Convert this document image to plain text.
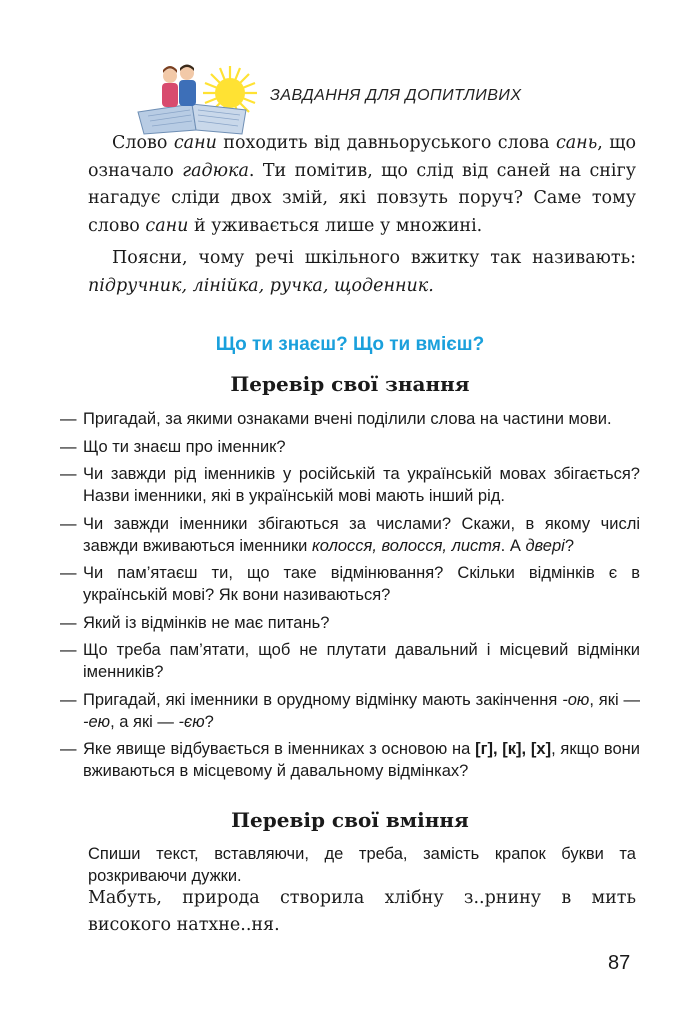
ЗАВДАННЯ ДЛЯ ДОПИТЛИВИХ

Слово сани походить від давньоруського слова сань, що означало гадюка. Ти помітив, що слід від саней на снігу нагадує сліди двох змій, які повзуть поруч? Саме тому слово сани й уживається лише у множині.

Поясни, чому речі шкільного вжитку так називають: підручник, лінійка, ручка, щоденник.

Що ти знаєш? Що ти вмієш?
Перевір свої знання
— Пригадай, за якими ознаками вчені поділили слова на частини мови.
— Що ти знаєш про іменник?
— Чи завжди рід іменників у російській та українській мовах збігається? Назви іменники, які в українській мові мають інший рід.
— Чи завжди іменники збігаються за числами? Скажи, в якому числі завжди вживаються іменники колосся, волосся, листя. А двері?
— Чи пам’ятаєш ти, що таке відмінювання? Скільки відмінків є в українській мові? Як вони називаються?
— Який із відмінків не має питань?
— Що треба пам’ятати, щоб не плутати давальний і місцевий відмінки іменників?
— Пригадай, які іменники в орудному відмінку мають закінчення -ою, які — -ею, а які — -єю?
— Яке явище відбувається в іменниках з основою на [г], [к], [х], якщо вони вживаються в місцевому й давальному відмінках?
Перевір свої вміння
Спиши текст, вставляючи, де треба, замість крапок букви та розкриваючи дужки.

Мабуть, природа створила хлібну з..рнину в мить високого натхне..ня.

87
